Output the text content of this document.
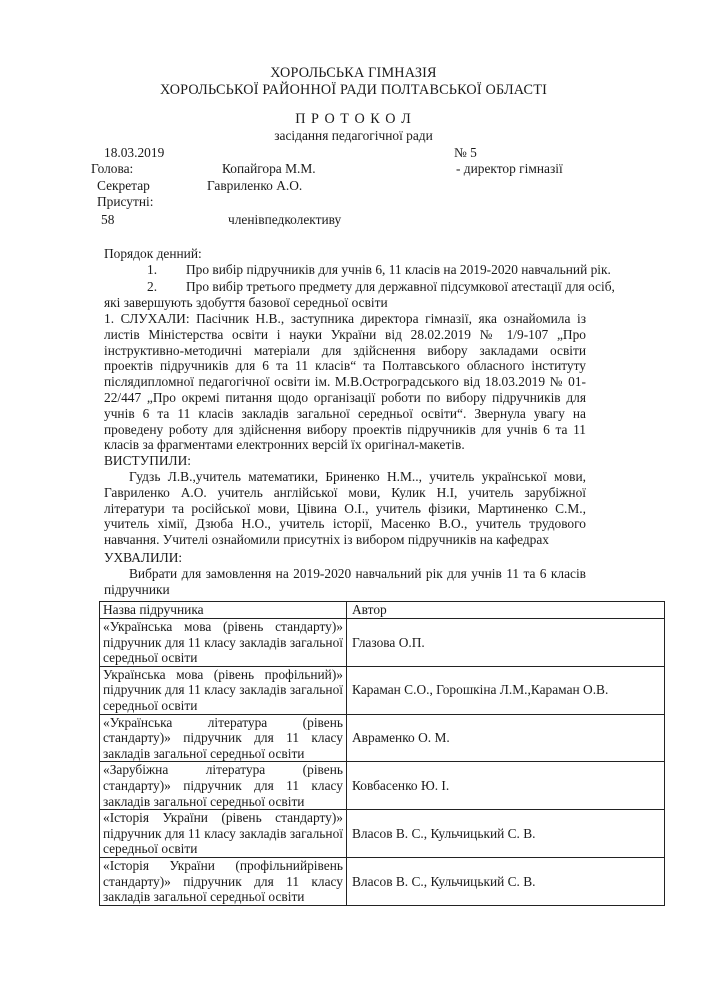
ХОРОЛЬСЬКА ГІМНАЗІЯ
ХОРОЛЬСЬКОЇ РАЙОННОЇ РАДИ ПОЛТАВСЬКОЇ ОБЛАСТІ
П Р О Т О К О Л
засідання педагогічної ради
18.03.2019	№ 5
Голова:	Копайгора М.М.	- директор гімназії
Секретар	Гавриленко А.О.
Присутні:
58	членівпедколективу
Порядок денний:
1. Про вибір підручників для учнів 6, 11 класів на 2019-2020 навчальний рік.
2. Про вибір третього предмету для державної підсумкової атестації для осіб,
які завершують здобуття базової середньої освіти
1. СЛУХАЛИ: Пасічник Н.В., заступника директора гімназії, яка ознайомила із листів Міністерства освіти і науки України від 28.02.2019 № 1/9-107 „Про інструктивно-методичні матеріали для здійснення вибору закладами освіти проектів підручників для 6 та 11 класів“ та Полтавського обласного інституту післядипломної педагогічної освіти ім. М.В.Остроградського від 18.03.2019 № 01-22/447 „Про окремі питання щодо організації роботи по вибору підручників для учнів 6 та 11 класів закладів загальної середньої освіти“. Звернула увагу на проведену роботу для здійснення вибору проектів підручників для учнів 6 та 11 класів за фрагментами електронних версій їх оригінал-макетів.
ВИСТУПИЛИ:
Гудзь Л.В.,учитель математики, Бриненко Н.М.., учитель української мови, Гавриленко А.О. учитель англійської мови, Кулик Н.І, учитель зарубіжної літератури та російської мови, Цівина О.І., учитель фізики, Мартиненко С.М., учитель хімії, Дзюба Н.О., учитель історії, Масенко В.О., учитель трудового навчання. Учителі ознайомили присутніх із вибором підручників на кафедрах
УХВАЛИЛИ:
Вибрати для замовлення на 2019-2020 навчальний рік для учнів 11 та 6 класів підручники
Назва підручника	Автор
«Українська мова (рівень стандарту)» підручник для 11 класу закладів загальної середньої освіти	Глазова О.П.
Українська мова (рівень профільний)» підручник для 11 класу закладів загальної середньої освіти	Караман С.О., Горошкіна Л.М.,Караман О.В.
«Українська література (рівень стандарту)» підручник для 11 класу закладів загальної середньої освіти	Авраменко О. М.
«Зарубіжна література (рівень стандарту)» підручник для 11 класу закладів загальної середньої освіти	Ковбасенко Ю. І.
«Історія України (рівень стандарту)» підручник для 11 класу закладів загальної середньої освіти	Власов В. С., Кульчицький С. В.
«Історія України (профільнийрівень стандарту)» підручник для 11 класу закладів загальної середньої освіти	Власов В. С., Кульчицький С. В.
